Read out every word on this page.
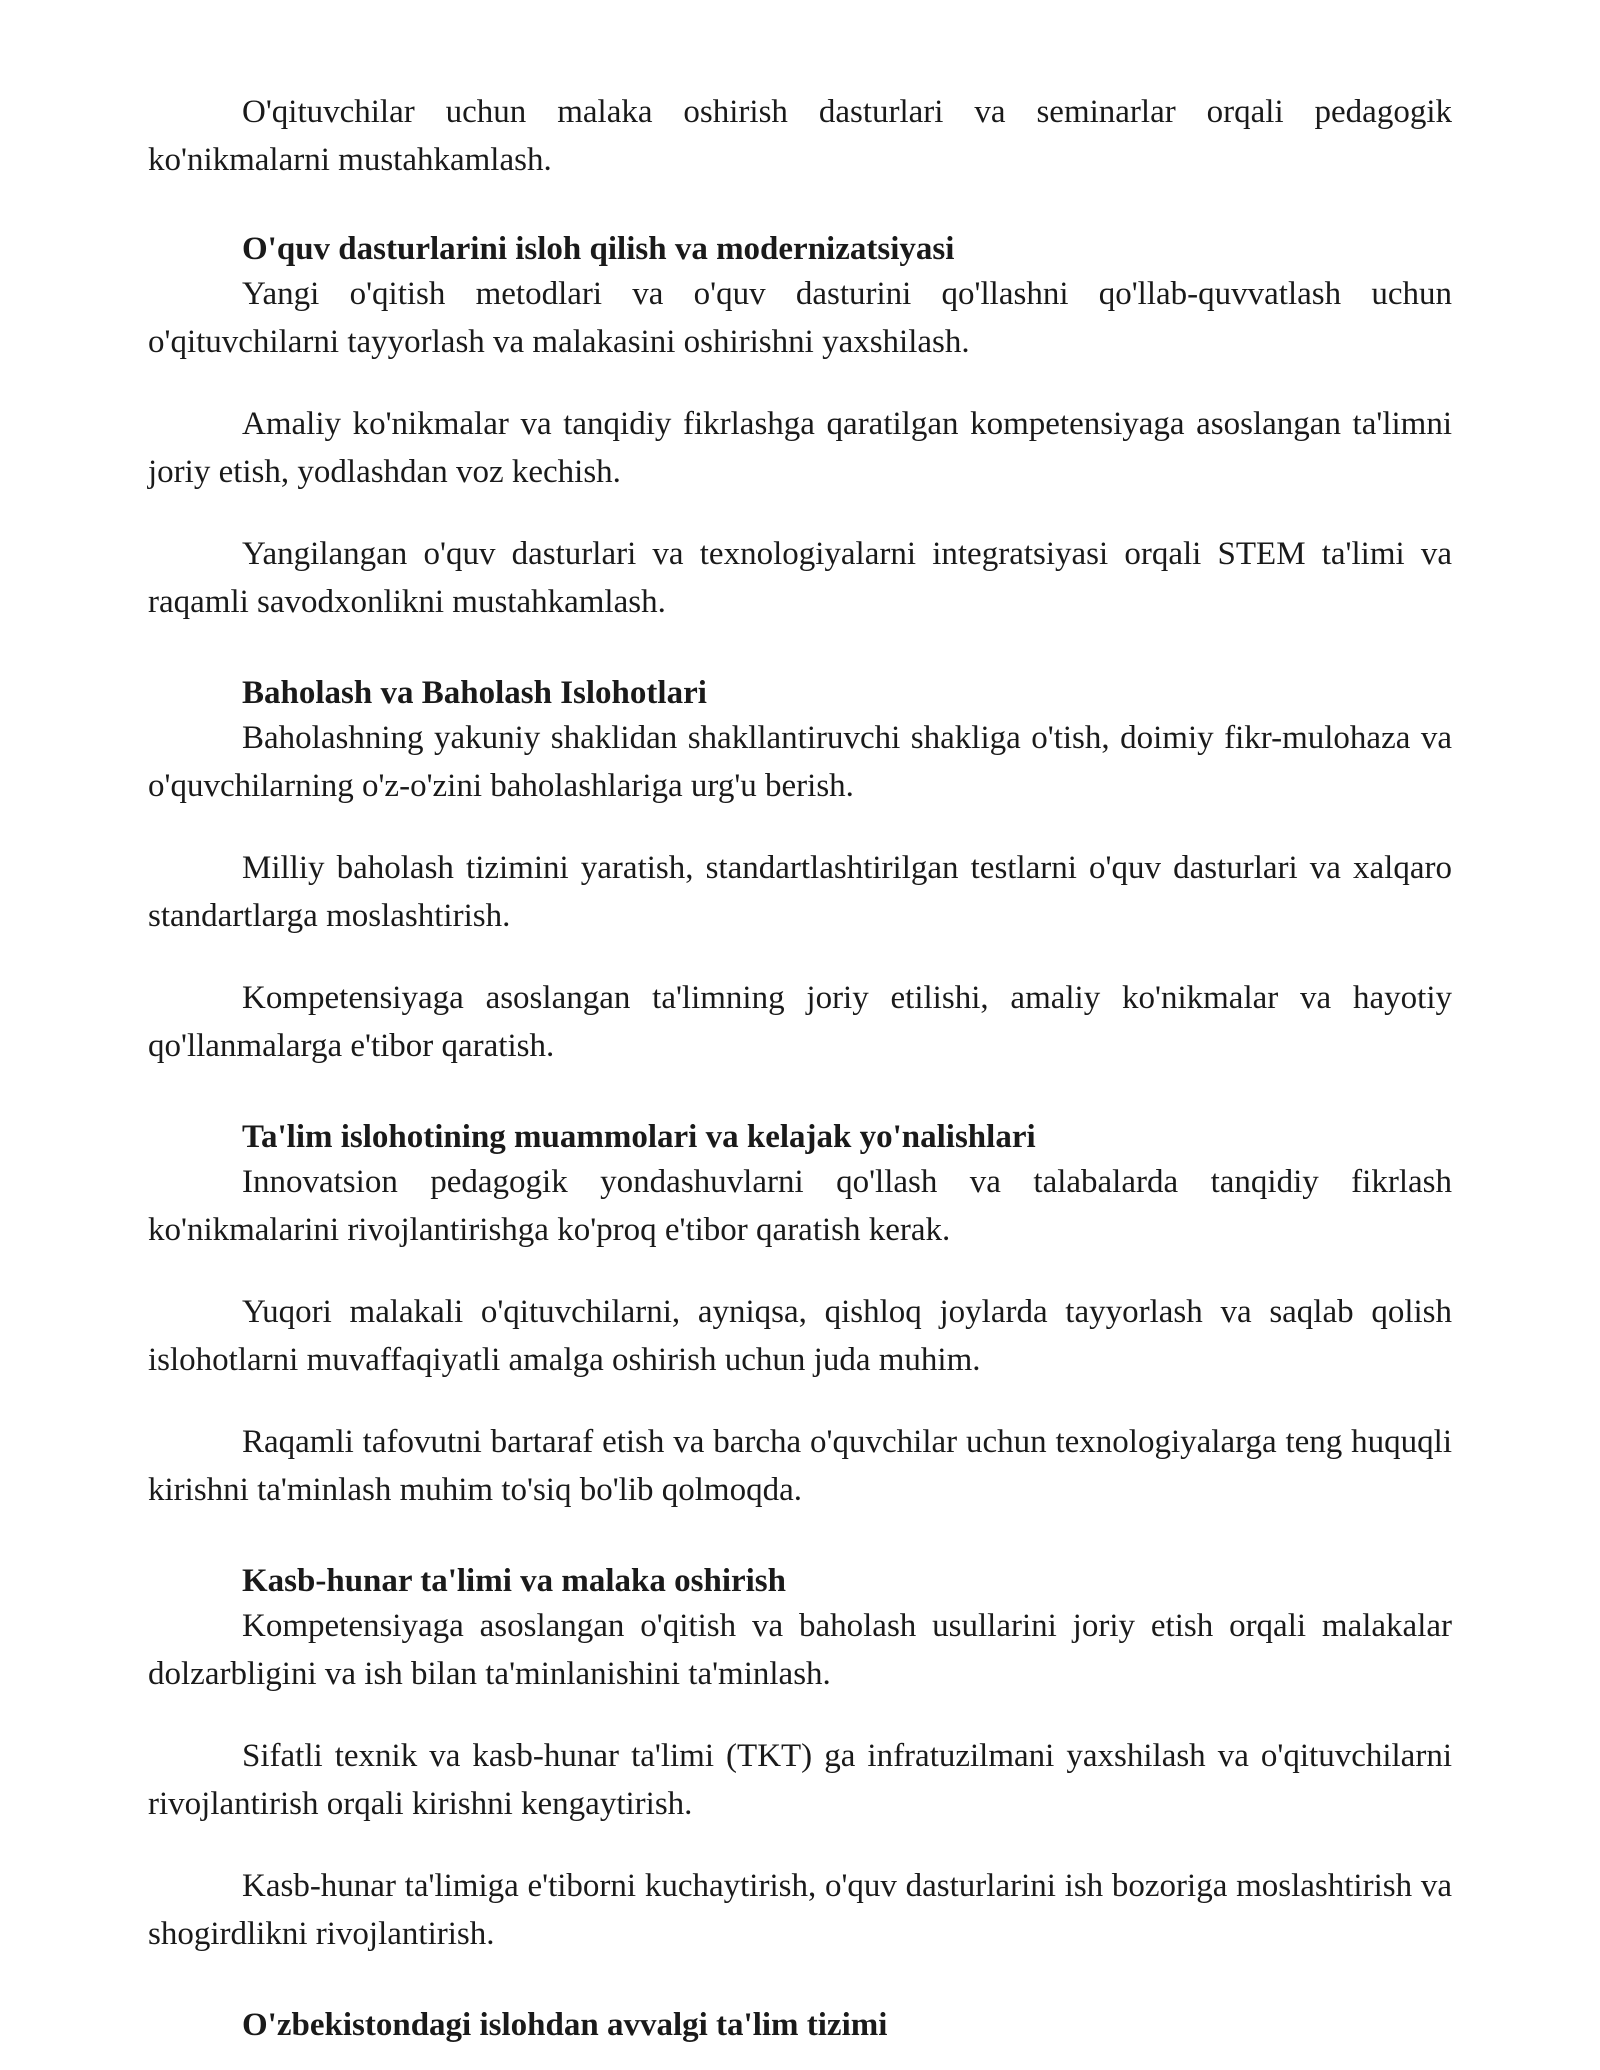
O'qituvchilar uchun malaka oshirish dasturlari va seminarlar orqali pedagogik ko'nikmalarni mustahkamlash.

O'quv dasturlarini isloh qilish va modernizatsiyasi

Yangi o'qitish metodlari va o'quv dasturini qo'llashni qo'llab-quvvatlash uchun o'qituvchilarni tayyorlash va malakasini oshirishni yaxshilash.

Amaliy ko'nikmalar va tanqidiy fikrlashga qaratilgan kompetensiyaga asoslangan ta'limni joriy etish, yodlashdan voz kechish.

Yangilangan o'quv dasturlari va texnologiyalarni integratsiyasi orqali STEM ta'limi va raqamli savodxonlikni mustahkamlash.

Baholash va Baholash Islohotlari

Baholashning yakuniy shaklidan shakllantiruvchi shakliga o'tish, doimiy fikr-mulohaza va o'quvchilarning o'z-o'zini baholashlariga urg'u berish.

Milliy baholash tizimini yaratish, standartlashtirilgan testlarni o'quv dasturlari va xalqaro standartlarga moslashtirish.

Kompetensiyaga asoslangan ta'limning joriy etilishi, amaliy ko'nikmalar va hayotiy qo'llanmalarga e'tibor qaratish.

Ta'lim islohotining muammolari va kelajak yo'nalishlari

Innovatsion pedagogik yondashuvlarni qo'llash va talabalarda tanqidiy fikrlash ko'nikmalarini rivojlantirishga ko'proq e'tibor qaratish kerak.

Yuqori malakali o'qituvchilarni, ayniqsa, qishloq joylarda tayyorlash va saqlab qolish islohotlarni muvaffaqiyatli amalga oshirish uchun juda muhim.

Raqamli tafovutni bartaraf etish va barcha o'quvchilar uchun texnologiyalarga teng huquqli kirishni ta'minlash muhim to'siq bo'lib qolmoqda.

Kasb-hunar ta'limi va malaka oshirish

Kompetensiyaga asoslangan o'qitish va baholash usullarini joriy etish orqali malakalar dolzarbligini va ish bilan ta'minlanishini ta'minlash.

Sifatli texnik va kasb-hunar ta'limi (TKT) ga infratuzilmani yaxshilash va o'qituvchilarni rivojlantirish orqali kirishni kengaytirish.

Kasb-hunar ta'limiga e'tiborni kuchaytirish, o'quv dasturlarini ish bozoriga moslashtirish va shogirdlikni rivojlantirish.

O'zbekistondagi islohdan avvalgi ta'lim tizimi
